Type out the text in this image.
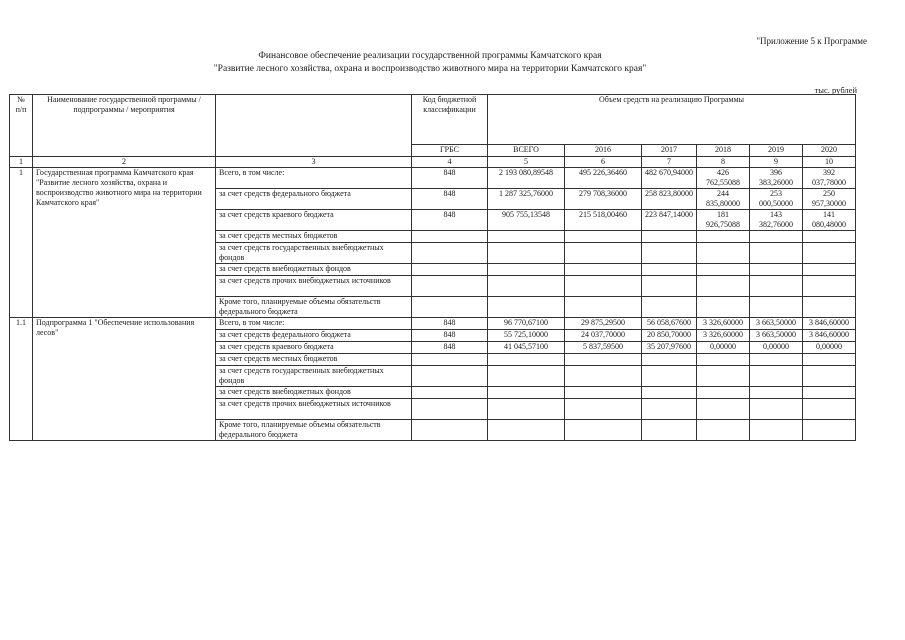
"Приложение 5 к Программе
Финансовое обеспечение реализации государственной программы Камчатского края
"Развитие лесного хозяйства, охрана и воспроизводство животного мира на территории Камчатского края"
тыс. рублей
№ п/п	Наименование государственной программы / подпрограммы / мероприятия		Код бюджетной классификации	Объем средств на реализацию Программы					
			ГРБС	ВСЕГО	2016	2017	2018	2019	2020
1	2	3	4	5	6	7	8	9	10
1	Государственная программа Камчатского края "Развитие лесного хозяйства, охрана и воспроизводство животного мира на территории Камчатского края"	Всего, в том числе:	848	2 193 080,89548	495 226,36460	482 670,94000	426 762,55088	396 383,26000	392 037,78000
		за счет средств федерального бюджета	848	1 287 325,76000	279 708,36000	258 823,80000	244 835,80000	253 000,50000	250 957,30000
		за счет средств краевого бюджета	848	905 755,13548	215 518,00460	223 847,14000	181 926,75088	143 382,76000	141 080,48000
		за счет средств местных бюджетов							
		за счет средств государственных внебюджетных фондов							
		за счет средств внебюджетных фондов							
		за счет средств прочих внебюджетных источников							
		Кроме того, планируемые объемы обязательств федерального бюджета							
1.1	Подпрограмма 1 "Обеспечение использования лесов"	Всего, в том числе:	848	96 770,67100	29 875,29500	56 058,67600	3 326,60000	3 663,50000	3 846,60000
		за счет средств федерального бюджета	848	55 725,10000	24 037,70000	20 850,70000	3 326,60000	3 663,50000	3 846,60000
		за счет средств краевого бюджета	848	41 045,57100	5 837,59500	35 207,97600	0,00000	0,00000	0,00000
		за счет средств местных бюджетов							
		за счет средств государственных внебюджетных фондов							
		за счет средств внебюджетных фондов							
		за счет средств прочих внебюджетных источников							
		Кроме того, планируемые объемы обязательств федерального бюджета							
